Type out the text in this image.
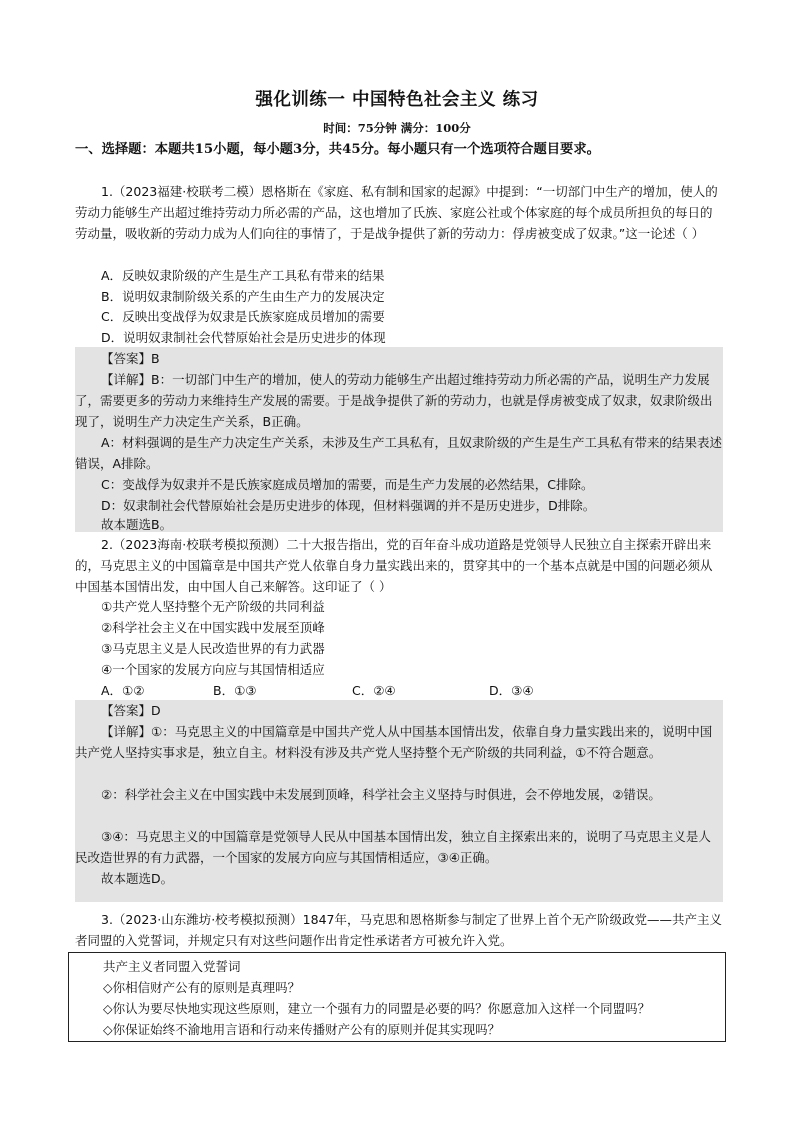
强化训练一 中国特色社会主义 练习
时间：75分钟 满分：100分
一、选择题：本题共15小题，每小题3分，共45分。每小题只有一个选项符合题目要求。
1.（2023福建·校联考二模）恩格斯在《家庭、私有制和国家的起源》中提到：“一切部门中生产的增加，使人的劳动力能够生产出超过维持劳动力所必需的产品，这也增加了氏族、家庭公社或个体家庭的每个成员所担负的每日的劳动量，吸收新的劳动力成为人们向往的事情了，于是战争提供了新的劳动力：俘虏被变成了奴隶。”这一论述（ ）
A．反映奴隶阶级的产生是生产工具私有带来的结果
B．说明奴隶制阶级关系的产生由生产力的发展决定
C．反映出变战俘为奴隶是氏族家庭成员增加的需要
D．说明奴隶制社会代替原始社会是历史进步的体现
【答案】B
【详解】B：一切部门中生产的增加，使人的劳动力能够生产出超过维持劳动力所必需的产品，说明生产力发展了，需要更多的劳动力来维持生产发展的需要。于是战争提供了新的劳动力，也就是俘虏被变成了奴隶，奴隶阶级出现了，说明生产力决定生产关系，B正确。
A：材料强调的是生产力决定生产关系，未涉及生产工具私有，且奴隶阶级的产生是生产工具私有带来的结果表述错误，A排除。
C：变战俘为奴隶并不是氏族家庭成员增加的需要，而是生产力发展的必然结果，C排除。
D：奴隶制社会代替原始社会是历史进步的体现，但材料强调的并不是历史进步，D排除。
故本题选B。
2.（2023海南·校联考模拟预测）二十大报告指出，党的百年奋斗成功道路是党领导人民独立自主探索开辟出来的，马克思主义的中国篇章是中国共产党人依靠自身力量实践出来的，贯穿其中的一个基本点就是中国的问题必须从中国基本国情出发，由中国人自己来解答。这印证了（ ）
①共产党人坚持整个无产阶级的共同利益
②科学社会主义在中国实践中发展至顶峰
③马克思主义是人民改造世界的有力武器
④一个国家的发展方向应与其国情相适应
A．①②	B．①③	C．②④	D．③④
【答案】D
【详解】①：马克思主义的中国篇章是中国共产党人从中国基本国情出发，依靠自身力量实践出来的，说明中国共产党人坚持实事求是，独立自主。材料没有涉及共产党人坚持整个无产阶级的共同利益，①不符合题意。
②：科学社会主义在中国实践中未发展到顶峰，科学社会主义坚持与时俱进，会不停地发展，②错误。
③④：马克思主义的中国篇章是党领导人民从中国基本国情出发，独立自主探索出来的，说明了马克思主义是人民改造世界的有力武器，一个国家的发展方向应与其国情相适应，③④正确。
故本题选D。
3.（2023·山东潍坊·校考模拟预测）1847年，马克思和恩格斯参与制定了世界上首个无产阶级政党——共产主义者同盟的入党誓词，并规定只有对这些问题作出肯定性承诺者方可被允许入党。
共产主义者同盟入党誓词
◇你相信财产公有的原则是真理吗？
◇你认为要尽快地实现这些原则，建立一个强有力的同盟是必要的吗？你愿意加入这样一个同盟吗？
◇你保证始终不渝地用言语和行动来传播财产公有的原则并促其实现吗？
